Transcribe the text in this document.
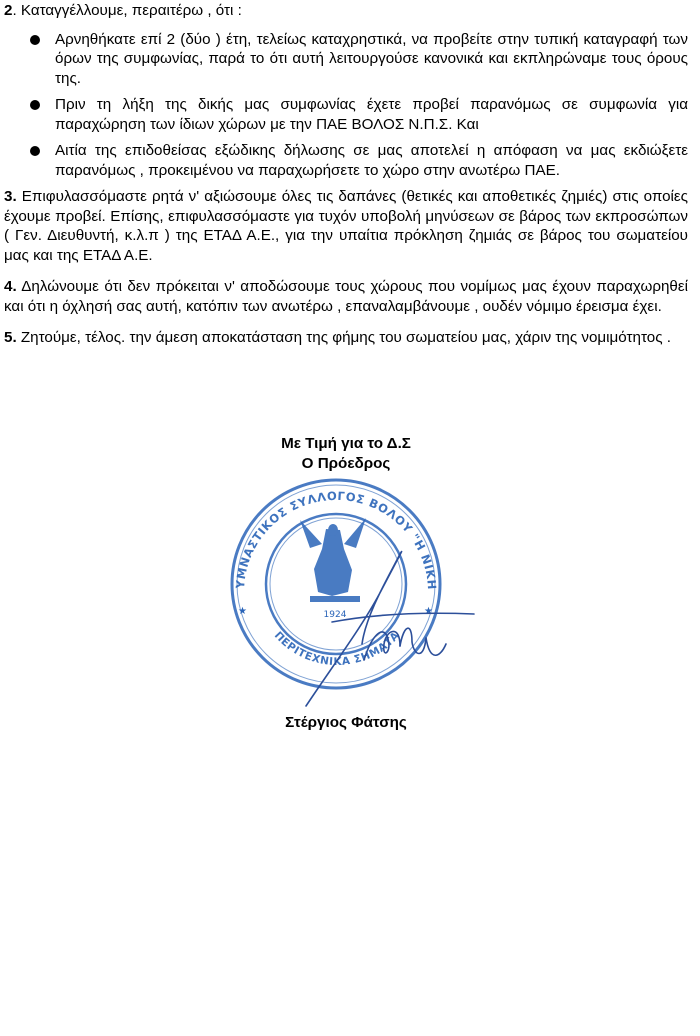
2. Καταγγέλλουμε, περαιτέρω , ότι :

Αρνηθήκατε επί 2 (δύο ) έτη, τελείως καταχρηστικά, να προβείτε στην τυπική καταγραφή των όρων της συμφωνίας, παρά το ότι αυτή λειτουργούσε κανονικά και εκπληρώναμε τους όρους της.
Πριν τη λήξη της δικής μας συμφωνίας έχετε προβεί παρανόμως σε συμφωνία για παραχώρηση των ίδιων χώρων με την ΠΑΕ ΒΟΛΟΣ Ν.Π.Σ. Και
Αιτία της επιδοθείσας εξώδικης δήλωσης σε μας αποτελεί η απόφαση να μας εκδιώξετε παρανόμως , προκειμένου να παραχωρήσετε το χώρο στην ανωτέρω ΠΑΕ.

3. Επιφυλασσόμαστε ρητά ν' αξιώσουμε όλες τις δαπάνες (θετικές και αποθετικές ζημιές) στις οποίες έχουμε προβεί. Επίσης, επιφυλασσόμαστε για τυχόν υποβολή μηνύσεων σε βάρος των εκπροσώπων ( Γεν. Διευθυντή, κ.λ.π ) της ΕΤΑΔ Α.Ε., για την υπαίτια πρόκληση ζημιάς σε βάρος του σωματείου μας και της ΕΤΑΔ Α.Ε.

4. Δηλώνουμε ότι δεν πρόκειται ν' αποδώσουμε τους χώρους που νομίμως μας έχουν παραχωρηθεί και ότι η όχλησή σας αυτή, κατόπιν των ανωτέρω , επαναλαμβάνουμε , ουδέν νόμιμο έρεισμα έχει.

5. Ζητούμε, τέλος. την άμεση αποκατάσταση της φήμης του σωματείου μας, χάριν της νομιμότητος .

Με Τιμή για το Δ.Σ
Ο Πρόεδρος
ΥΜΝΑΣΤΙΚΟΣ ΣΥΛΛΟΓΟΣ ΒΟΛΟΥ "Η ΝΙΚΗ
ΠΕΡΙΤΕΧΝΙΚΑ ΣΗΜΑΤΑ
★	★
1924
Στέργιος Φάτσης
